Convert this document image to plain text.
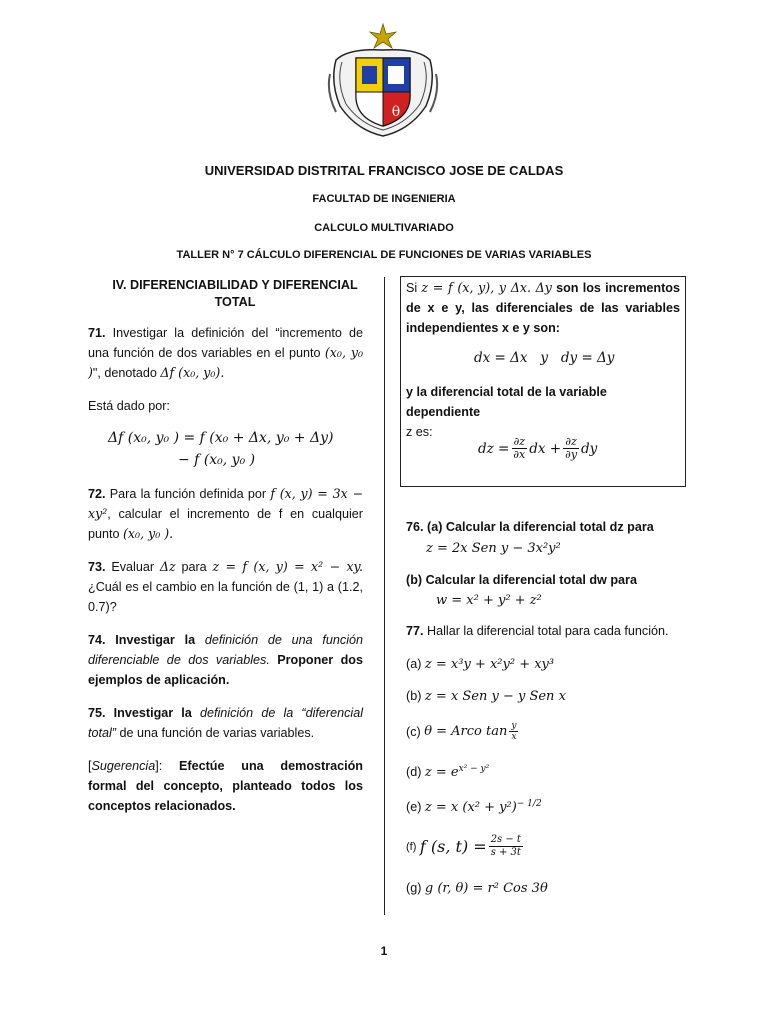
θ
UNIVERSIDAD DISTRITAL FRANCISCO JOSE DE CALDAS
FACULTAD DE INGENIERIA
CALCULO MULTIVARIADO
TALLER N° 7 CÁLCULO DIFERENCIAL DE FUNCIONES DE VARIAS VARIABLES
IV. DIFERENCIABILIDAD Y DIFERENCIAL
TOTAL
71. Investigar la definición del “incremento de una función de dos variables en el punto (x₀, y₀ )", denotado Δf (x₀, y₀).
Está dado por:
Δf (x₀, y₀ ) = f (x₀ + Δx, y₀ + Δy)
− f (x₀, y₀ )
72. Para la función definida por f (x, y) = 3x − xy², calcular el incremento de f en cualquier punto (x₀, y₀ ).
73. Evaluar Δz para z = f (x, y) = x² − xy. ¿Cuál es el cambio en la función de (1, 1) a (1.2, 0.7)?
74. Investigar la definición de una función diferenciable de dos variables. Proponer dos ejemplos de aplicación.
75. Investigar la definición de la “diferencial total” de una función de varias variables.
[Sugerencia]: Efectúe una demostración formal del concepto, planteado todos los conceptos relacionados.
Si z = f (x, y), y Δx. Δy son los incrementos de x e y, las diferenciales de las variables independientes x e y son:
dx = Δx   y   dy = Δy
y la diferencial total de la variable dependiente
z es:
dz = $\frac{\partial z}{\partial x}$ dx + $\frac{\partial z}{\partial y}$ dy
76. (a) Calcular la diferencial total dz para
z = 2x Sen y − 3x²y²
(b) Calcular la diferencial total dw para
w = x² + y² + z²
77. Hallar la diferencial total para cada función.
(a) z = x³y + x²y² + xy³
(b) z = x Sen y − y Sen x
(c)
θ = Arco $\tan \frac{y}{x}$
(d) $z = e^{x^2 - y^2}$
(e) z = x $(x^2 + y^2)^{- 1/2}$
(f)
f (s, $t) = \frac{2s - t}{s + 3t}$
(g) g (r, θ) = r² Cos 3θ
1
